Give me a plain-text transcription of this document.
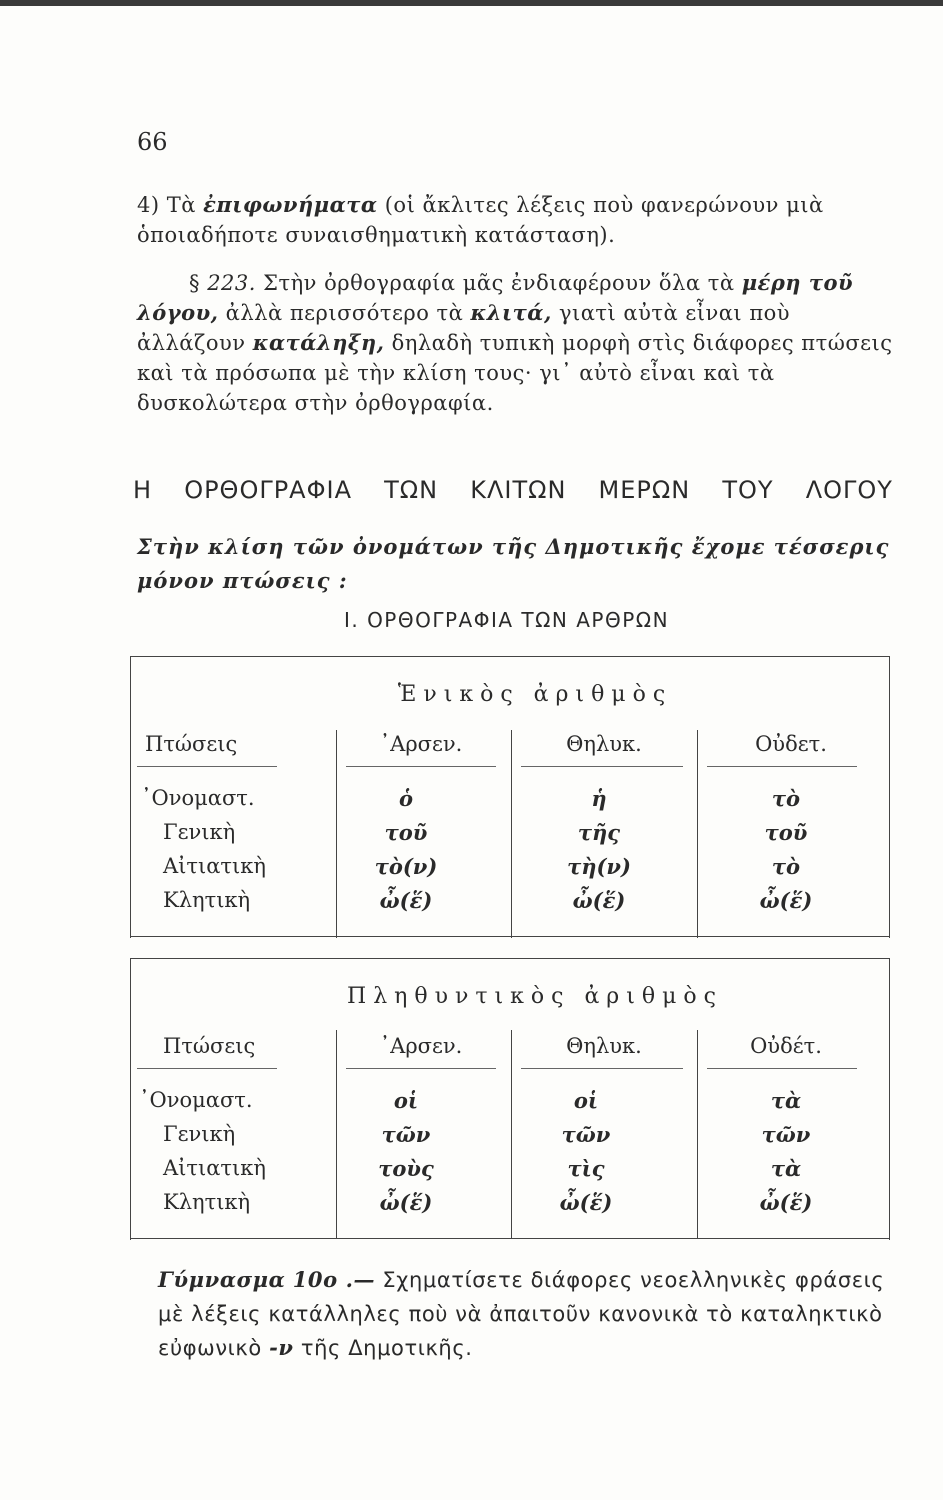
66
4) Τὰ ἐπιφωνήματα (οἱ ἄκλιτες λέξεις ποὺ φανερώνουν μιὰ ὁποιαδήποτε συναισθηματικὴ κατάσταση).
§ 223. Στὴν ὀρθογραφία μᾶς ἐνδιαφέρουν ὅλα τὰ μέρη τοῦ λόγου, ἀλλὰ περισσότερο τὰ κλιτά, γιατὶ αὐτὰ εἶναι ποὺ ἀλλάζουν κατάληξη, δηλαδὴ τυπικὴ μορφὴ στὶς διάφορες πτώσεις καὶ τὰ πρόσωπα μὲ τὴν κλίση τους· γι᾿ αὐτὸ εἶναι καὶ τὰ δυσκολώτερα στὴν ὀρθογραφία.
Η ΟΡΘΟΓΡΑΦΙΑ ΤΩΝ ΚΛΙΤΩΝ ΜΕΡΩΝ ΤΟΥ ΛΟΓΟΥ
Στὴν κλίση τῶν ὀνομάτων τῆς Δημοτικῆς ἔχομε τέσσερις μόνον πτώσεις :
Ι. ΟΡΘΟΓΡΑΦΙΑ ΤΩΝ ΑΡΘΡΩΝ
Ἑνικὸς ἀριθμὸς
Πτώσεις	᾿Αρσεν.	Θηλυκ.	Οὐδετ.
᾿Ονομαστ.	ὁ	ἡ	τὸ
Γενικὴ	τοῦ	τῆς	τοῦ
Αἰτιατικὴ	τὸ(ν)	τὴ(ν)	τὸ
Κλητικὴ	ὦ(ἕ)	ὦ(ἕ)	ὦ(ἕ)
Πληθυντικὸς ἀριθμὸς
Πτώσεις	᾿Αρσεν.	Θηλυκ.	Οὐδέτ.
᾿Ονομαστ.	οἱ	οἱ	τὰ
Γενικὴ	τῶν	τῶν	τῶν
Αἰτιατικὴ	τοὺς	τὶς	τὰ
Κλητικὴ	ὦ(ἕ)	ὦ(ἕ)	ὦ(ἕ)
Γύμνασμα 10ο .— Σχηματίσετε διάφορες νεοελληνικὲς φράσεις μὲ λέξεις κατάλληλες ποὺ νὰ ἀπαιτοῦν κανονικὰ τὸ καταληκτικὸ εὐφωνικὸ -ν τῆς Δημοτικῆς.
